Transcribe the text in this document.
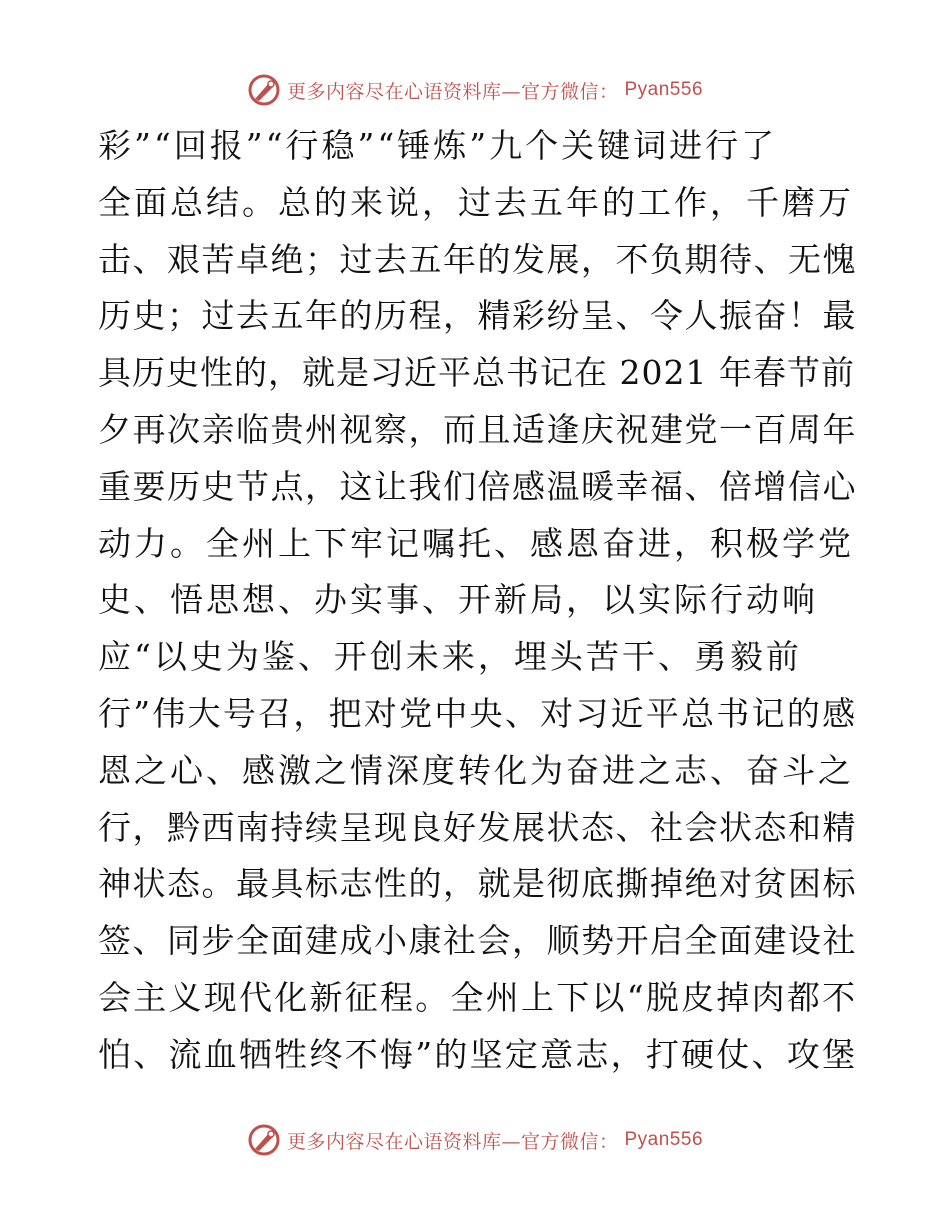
更多内容尽在心语资料库—官方微信： Pyan556
彩”“回报”“行稳”“锤炼”九个关键词进行了
全面总结。总的来说，过去五年的工作，千磨万
击、艰苦卓绝；过去五年的发展，不负期待、无愧
历史；过去五年的历程，精彩纷呈、令人振奋！最
具历史性的，就是习近平总书记在 2021 年春节前
夕再次亲临贵州视察，而且适逢庆祝建党一百周年
重要历史节点，这让我们倍感温暖幸福、倍增信心
动力。全州上下牢记嘱托、感恩奋进，积极学党
史、悟思想、办实事、开新局，以实际行动响
应“以史为鉴、开创未来，埋头苦干、勇毅前
行”伟大号召，把对党中央、对习近平总书记的感
恩之心、感激之情深度转化为奋进之志、奋斗之
行，黔西南持续呈现良好发展状态、社会状态和精
神状态。最具标志性的，就是彻底撕掉绝对贫困标
签、同步全面建成小康社会，顺势开启全面建设社
会主义现代化新征程。全州上下以“脱皮掉肉都不
怕、流血牺牲终不悔”的坚定意志，打硬仗、攻堡
更多内容尽在心语资料库—官方微信： Pyan556
